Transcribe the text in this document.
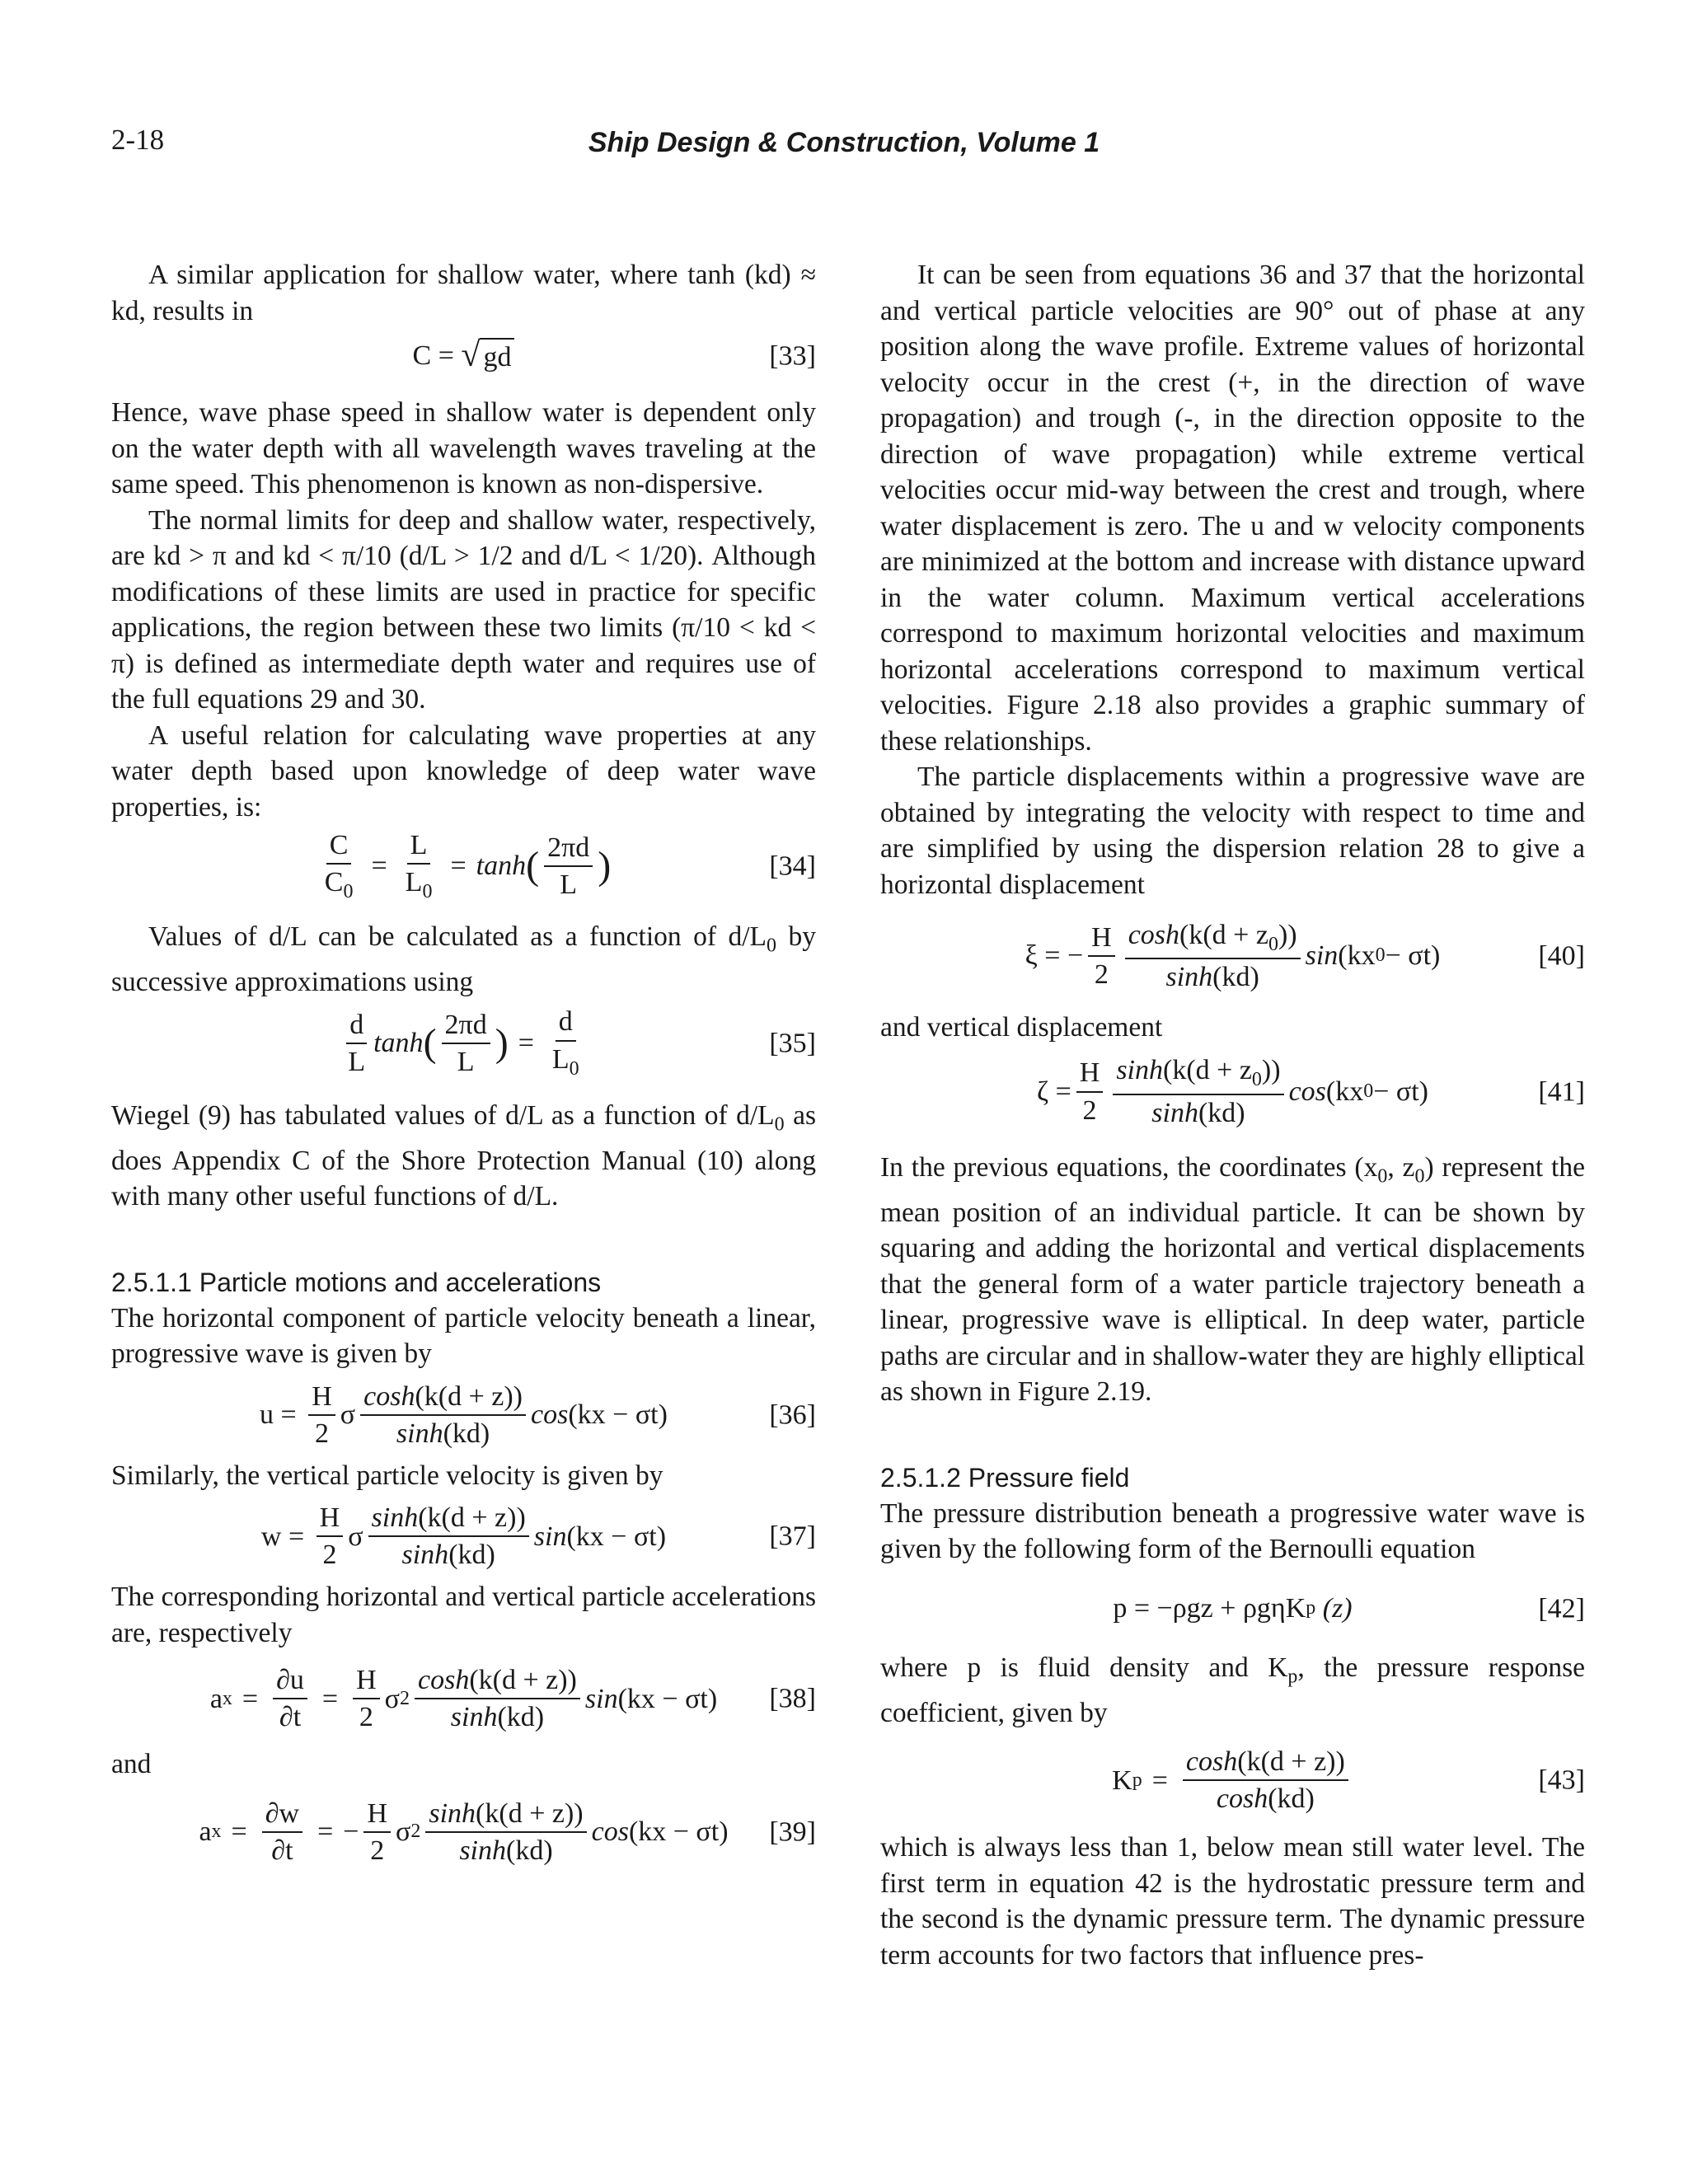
2-18	Ship Design & Construction, Volume 1

A similar application for shallow water, where tanh (kd) ≈ kd, results in

C =
√ gd	[33]

Hence, wave phase speed in shallow water is dependent only on the water depth with all wavelength waves traveling at the same speed. This phenomenon is known as non-dispersive.

The normal limits for deep and shallow water, respectively, are kd > π and kd < π/10 (d/L > 1/2 and d/L < 1/20). Although modifications of these limits are used in practice for specific applications, the region between these two limits (π/10 < kd < π) is defined as intermediate depth water and requires use of the full equations 29 and 30.

A useful relation for calculating wave properties at any water depth based upon knowledge of deep water wave properties, is:

$\frac{C}{C_0} = \frac{L}{L_0} = \tanh$ ( $\frac{2\pi d}{L}$ )	[34]

Values of d/L can be calculated as a function of $d/L_0$ by successive approximations using

$\frac{d}{L}$ tanh ( $\frac{2\pi d}{L}$ ) = $\frac{d}{L_0}$	[35]

Wiegel (9) has tabulated values of d/L as a function of $d/L_0$ as does Appendix C of the Shore Protection Manual (10) along with many other useful functions of d/L.

2.5.1.1 Particle motions and accelerations

The horizontal component of particle velocity beneath a linear, progressive wave is given by

u =
$\frac{H}{2}$ σ $\frac{\cosh(k(d + z))}{\sinh(kd)}$ cos (kx − σt)	[36]

Similarly, the vertical particle velocity is given by

w =
$\frac{H}{2}$ σ $\frac{\sinh(k(d + z))}{\sinh(kd)}$ sin (kx − σt)	[37]

The corresponding horizontal and vertical particle accelerations are, respectively

a $x = \frac{\partial u}{\partial t} = \frac{H}{2}$ σ $2 \frac{\cosh(k(d + z))}{\sinh(kd)}$ sin (kx − σt) [38]

and

a $x = \frac{\partial w}{\partial t}$ = − $\frac{H}{2}$ σ $2 \frac{\sinh(k(d + z))}{\sinh(kd)}$ cos (kx − σt) [39]

It can be seen from equations 36 and 37 that the horizontal and vertical particle velocities are 90° out of phase at any position along the wave profile. Extreme values of horizontal velocity occur in the crest (+, in the direction of wave propagation) and trough (-, in the direction opposite to the direction of wave propagation) while extreme vertical velocities occur mid-way between the crest and trough, where water displacement is zero. The u and w velocity components are minimized at the bottom and increase with distance upward in the water column. Maximum vertical accelerations correspond to maximum horizontal velocities and maximum horizontal accelerations correspond to maximum vertical velocities. Figure 2.18 also provides a graphic summary of these relationships.

The particle displacements within a progressive wave are obtained by integrating the velocity with respect to time and are simplified by using the dispersion relation 28 to give a horizontal displacement

ξ =
− $\frac{H}{2} \frac{\cosh(k(d + z_0))}{\sinh(kd)}$ sin (kx 0 − σt)	[40]

and vertical displacement

$\zeta = \frac{H}{2} \frac{\sinh(k(d + z_0))}{\sinh(kd)}$ cos (kx 0 − σt)	[41]

In the previous equations, the coordinates ($x_0$, $z_0$) represent the mean position of an individual particle. It can be shown by squaring and adding the horizontal and vertical displacements that the general form of a water particle trajectory beneath a linear, progressive wave is elliptical. In deep water, particle paths are circular and in shallow-water they are highly elliptical as shown in Figure 2.19.

2.5.1.2 Pressure field

The pressure distribution beneath a progressive water wave is given by the following form of the Bernoulli equation

p = −ρgz + ρgηK p
(z)	[42]

where p is fluid density and $K_p$, the pressure response coefficient, given by

K $p = \frac{\cosh(k(d + z))}{\cosh(kd)}$	[43]

which is always less than 1, below mean still water level. The first term in equation 42 is the hydrostatic pressure term and the second is the dynamic pressure term. The dynamic pressure term accounts for two factors that influence pres-
